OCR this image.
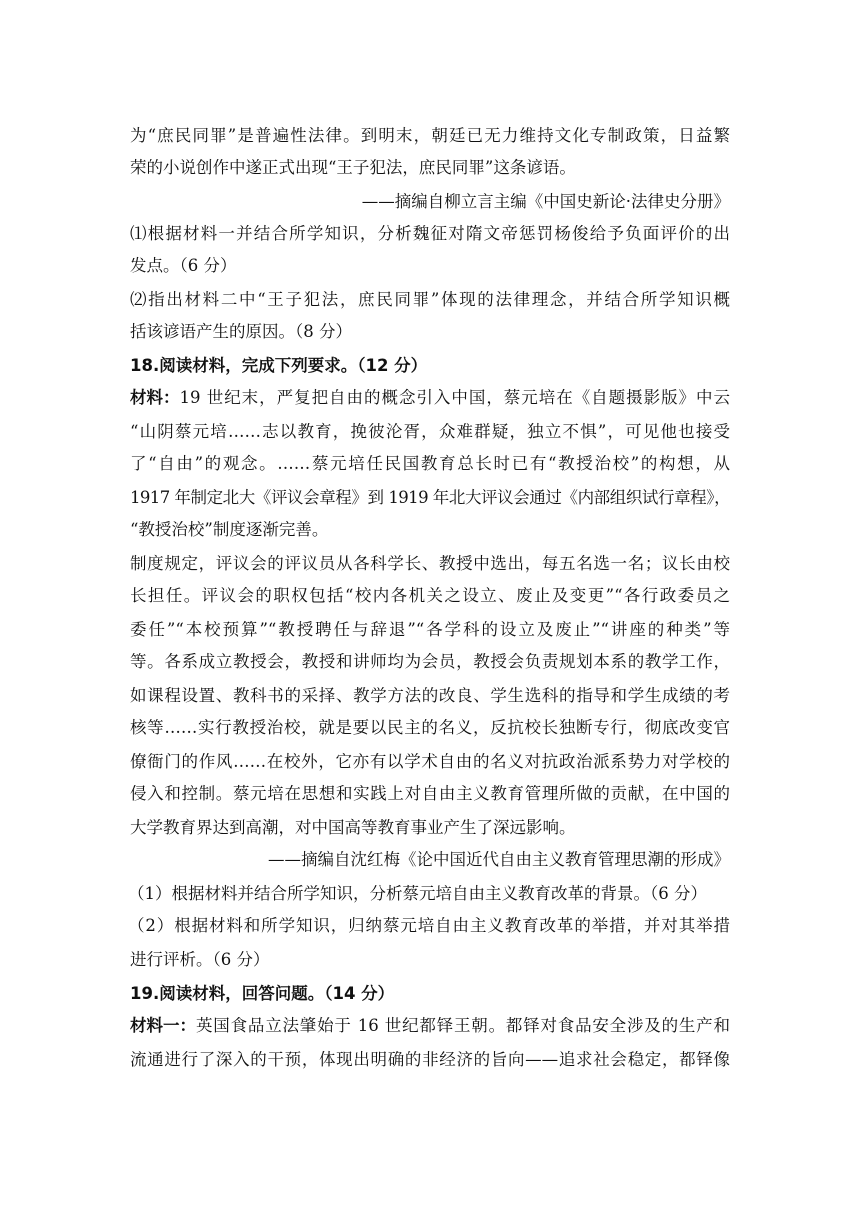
为“庶民同罪”是普遍性法律。到明末，朝廷已无力维持文化专制政策，日益繁
荣的小说创作中遂正式出现“王子犯法，庶民同罪”这条谚语。
——摘编自柳立言主编《中国史新论·法律史分册》
⑴根据材料一并结合所学知识，分析魏征对隋文帝惩罚杨俊给予负面评价的出
发点。（6 分）
⑵指出材料二中“王子犯法，庶民同罪”体现的法律理念，并结合所学知识概
括该谚语产生的原因。（8 分）
18.阅读材料，完成下列要求。（12 分）
材料： 19 世纪末，严复把自由的概念引入中国，蔡元培在《自题摄影版》中云
“山阴蔡元培……志以教育，挽彼沦胥，众难群疑，独立不惧”，可见他也接受
了“自由”的观念。……蔡元培任民国教育总长时已有“教授治校”的构想，从
1917 年制定北大《评议会章程》到 1919 年北大评议会通过《内部组织试行章程》，
“教授治校”制度逐渐完善。
制度规定，评议会的评议员从各科学长、教授中选出，每五名选一名；议长由校
长担任。评议会的职权包括“校内各机关之设立、废止及变更”“各行政委员之
委任”“本校预算”“教授聘任与辞退”“各学科的设立及废止”“讲座的种类”等
等。各系成立教授会，教授和讲师均为会员，教授会负责规划本系的教学工作，
如课程设置、教科书的采择、教学方法的改良、学生选科的指导和学生成绩的考
核等……实行教授治校，就是要以民主的名义，反抗校长独断专行，彻底改变官
僚衙门的作风……在校外，它亦有以学术自由的名义对抗政治派系势力对学校的
侵入和控制。蔡元培在思想和实践上对自由主义教育管理所做的贡献，在中国的
大学教育界达到高潮，对中国高等教育事业产生了深远影响。
——摘编自沈红梅《论中国近代自由主义教育管理思潮的形成》
（1）根据材料并结合所学知识，分析蔡元培自由主义教育改革的背景。（6 分）
（2）根据材料和所学知识，归纳蔡元培自由主义教育改革的举措，并对其举措
进行评析。（6 分）
19.阅读材料，回答问题。（14 分）
材料一： 英国食品立法肇始于 16 世纪都铎王朝。都铎对食品安全涉及的生产和
流通进行了深入的干预，体现出明确的非经济的旨向——追求社会稳定，都铎像
